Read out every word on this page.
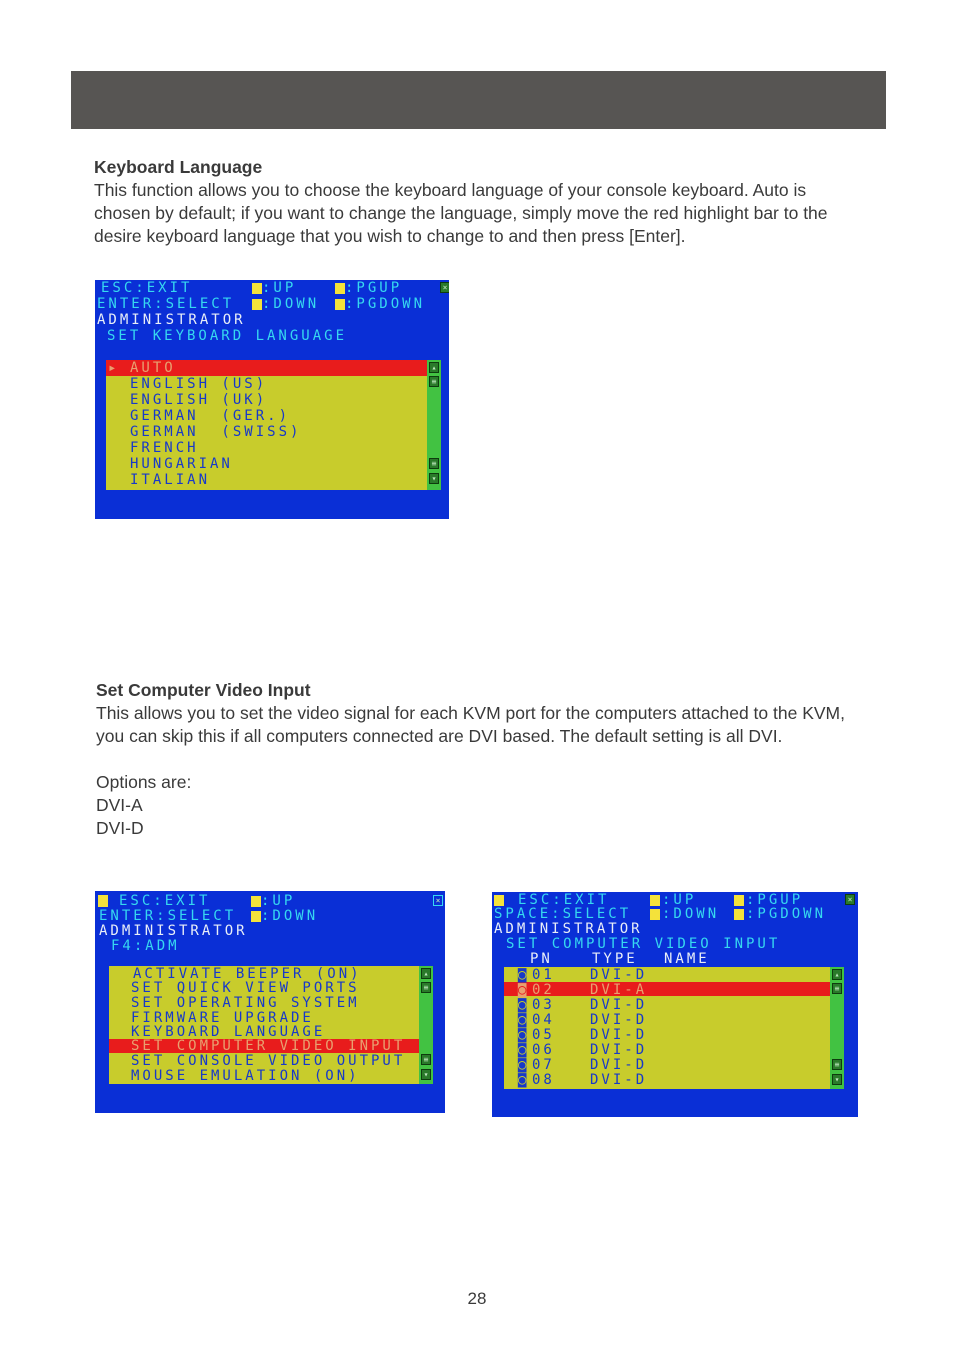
Keyboard Language

This function allows you to choose the keyboard language of your console keyboard. Auto is chosen by default; if you want to change the language, simply move the red highlight bar to the desire keyboard language that you wish to change to and then press [Enter].

ESC:EXIT	:UP	:PGUP	×
ENTER:SELECT :DOWN :PGDOWN
ADMINISTRATOR
SET KEYBOARD LANGUAGE
▸ AUTO
ENGLISH (US)
ENGLISH (UK)
GERMAN  (GER.)
GERMAN  (SWISS)
FRENCH
HUNGARIAN
ITALIAN
▴
≡
≡
▾
Set Computer Video Input

This allows you to set the video signal for each KVM port for the computers attached to the KVM, you can skip this if all computers connected are DVI based. The default setting is all DVI.

Options are:

DVI-A

DVI-D

ESC:EXIT	:UP	×
ENTER:SELECT :DOWN
ADMINISTRATOR
F4:ADM
ACTIVATE BEEPER (ON)
SET QUICK VIEW PORTS
SET OPERATING SYSTEM
FIRMWARE UPGRADE
KEYBOARD LANGUAGE
SET COMPUTER VIDEO INPUT
SET CONSOLE VIDEO OUTPUT
MOUSE EMULATION (ON)
▴
≡
≡
▾
ESC:EXIT	:UP	:PGUP	×
SPACE:SELECT :DOWN :PGDOWN
ADMINISTRATOR
SET COMPUTER VIDEO INPUT
PN	TYPE NAME
◙ 01	DVI-D
◙ 02	DVI-A
◙ 03	DVI-D
◙ 04	DVI-D
◙ 05	DVI-D
◙ 06	DVI-D
◙ 07	DVI-D
◙ 08	DVI-D
▴
≡
≡
▾
28
